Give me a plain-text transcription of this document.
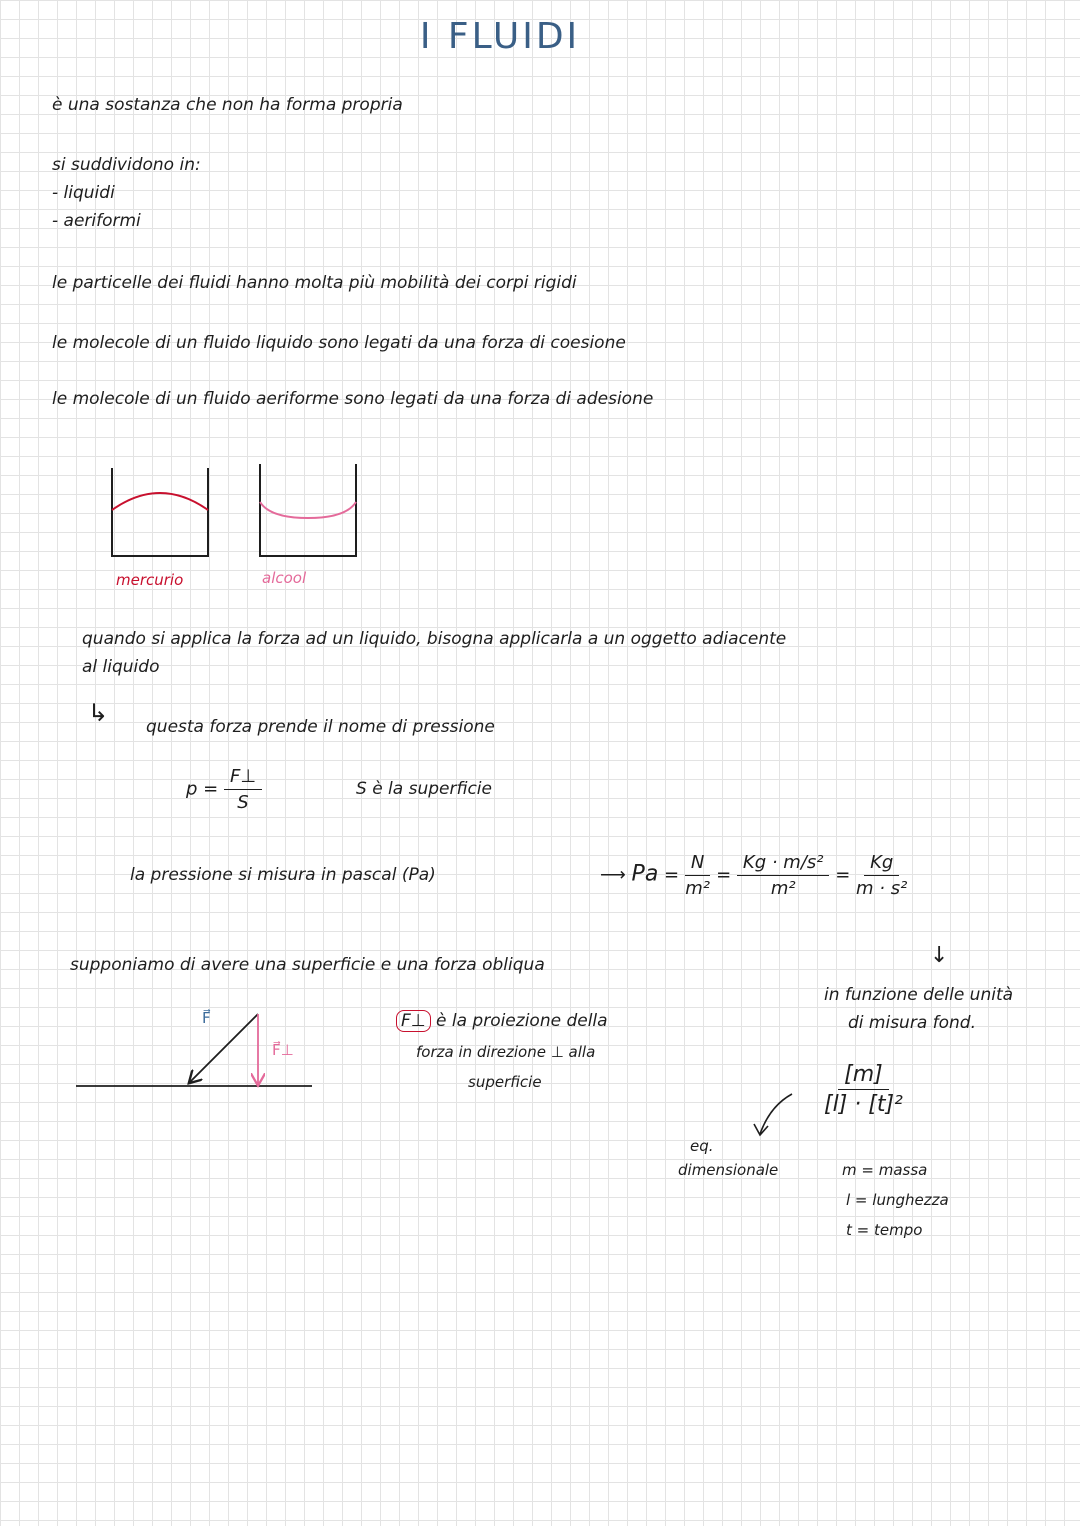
I FLUIDI
è una sostanza che non ha forma propria
si suddividono in:
- liquidi
- aeriformi
le particelle dei fluidi hanno molta più mobilità dei corpi rigidi
le molecole di un fluido liquido sono legati da una forza di coesione
le molecole di un fluido aeriforme sono legati da una forza di adesione
mercurio	alcool
quando si applica la forza ad un liquido, bisogna applicarla a un oggetto adiacente
al liquido
↳ questa forza prende il nome di pressione
$p = \frac{F\perp}{S}$	S è la superficie
la pressione si misura in pascal (Pa)	⟶ $Pa = \frac{N}{\text{m²}} = \frac{\text{Kg · m/s²}}{\text{m²}} = \frac{Kg}{\text{m · s²}}$
↓
in funzione delle unità
di misura fond.
supponiamo di avere una superficie e una forza obliqua
F⃗
F⃗⊥
F⊥ è la proiezione della
forza in direzione ⊥ alla
superficie	$\frac{[m]}{\text{[l] · [t]²}}$
eq.
dimensionale	m = massa
l = lunghezza
t = tempo
